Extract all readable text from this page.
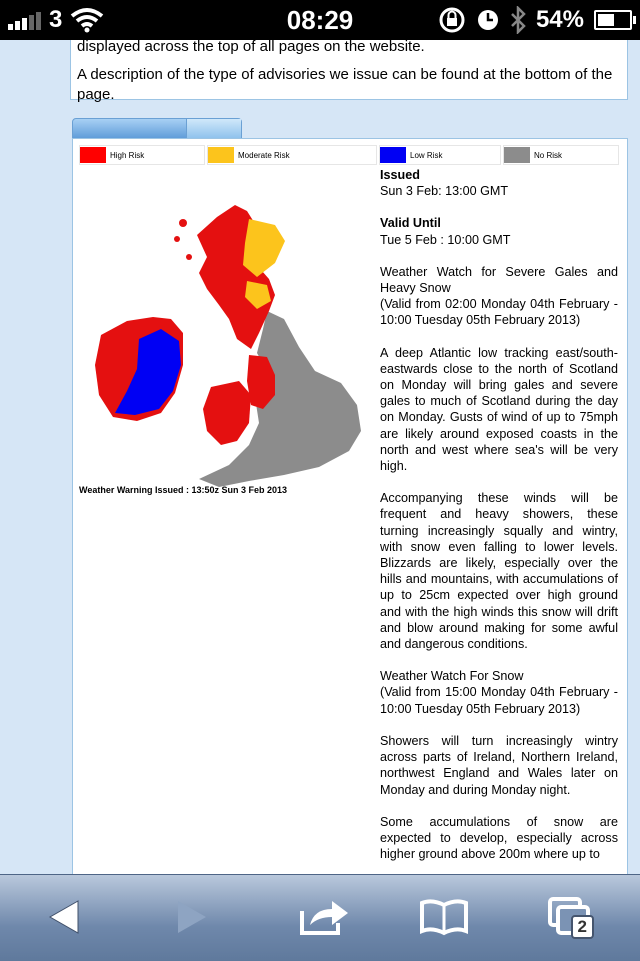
3	08:29	54%

displayed across the top of all pages on the website.

A description of the type of advisories we issue can be found at the bottom of the page.

High Risk	Moderate Risk	Low Risk	No Risk
Weather Warning Issued : 13:50z Sun 3 Feb 2013
Issued
Sun 3 Feb: 13:00 GMT
Valid Until
Tue 5 Feb : 10:00 GMT
Weather Watch for Severe Gales and Heavy Snow
(Valid from 02:00 Monday 04th February - 10:00 Tuesday 05th February 2013)
A deep Atlantic low tracking east/south-eastwards close to the north of Scotland on Monday will bring gales and severe gales to much of Scotland during the day on Monday. Gusts of wind of up to 75mph are likely around exposed coasts in the north and west where sea's will be very high.
Accompanying these winds will be frequent and heavy showers, these turning increasingly squally and wintry, with snow even falling to lower levels. Blizzards are likely, especially over the hills and mountains, with accumulations of up to 25cm expected over high ground and with the high winds this snow will drift and blow around making for some awful and dangerous conditions.
Weather Watch For Snow
(Valid from 15:00 Monday 04th February - 10:00 Tuesday 05th February 2013)
Showers will turn increasingly wintry across parts of Ireland, Northern Ireland, northwest England and Wales later on Monday and during Monday night.
Some accumulations of snow are expected to develop, especially across higher ground above 200m where up to
2
